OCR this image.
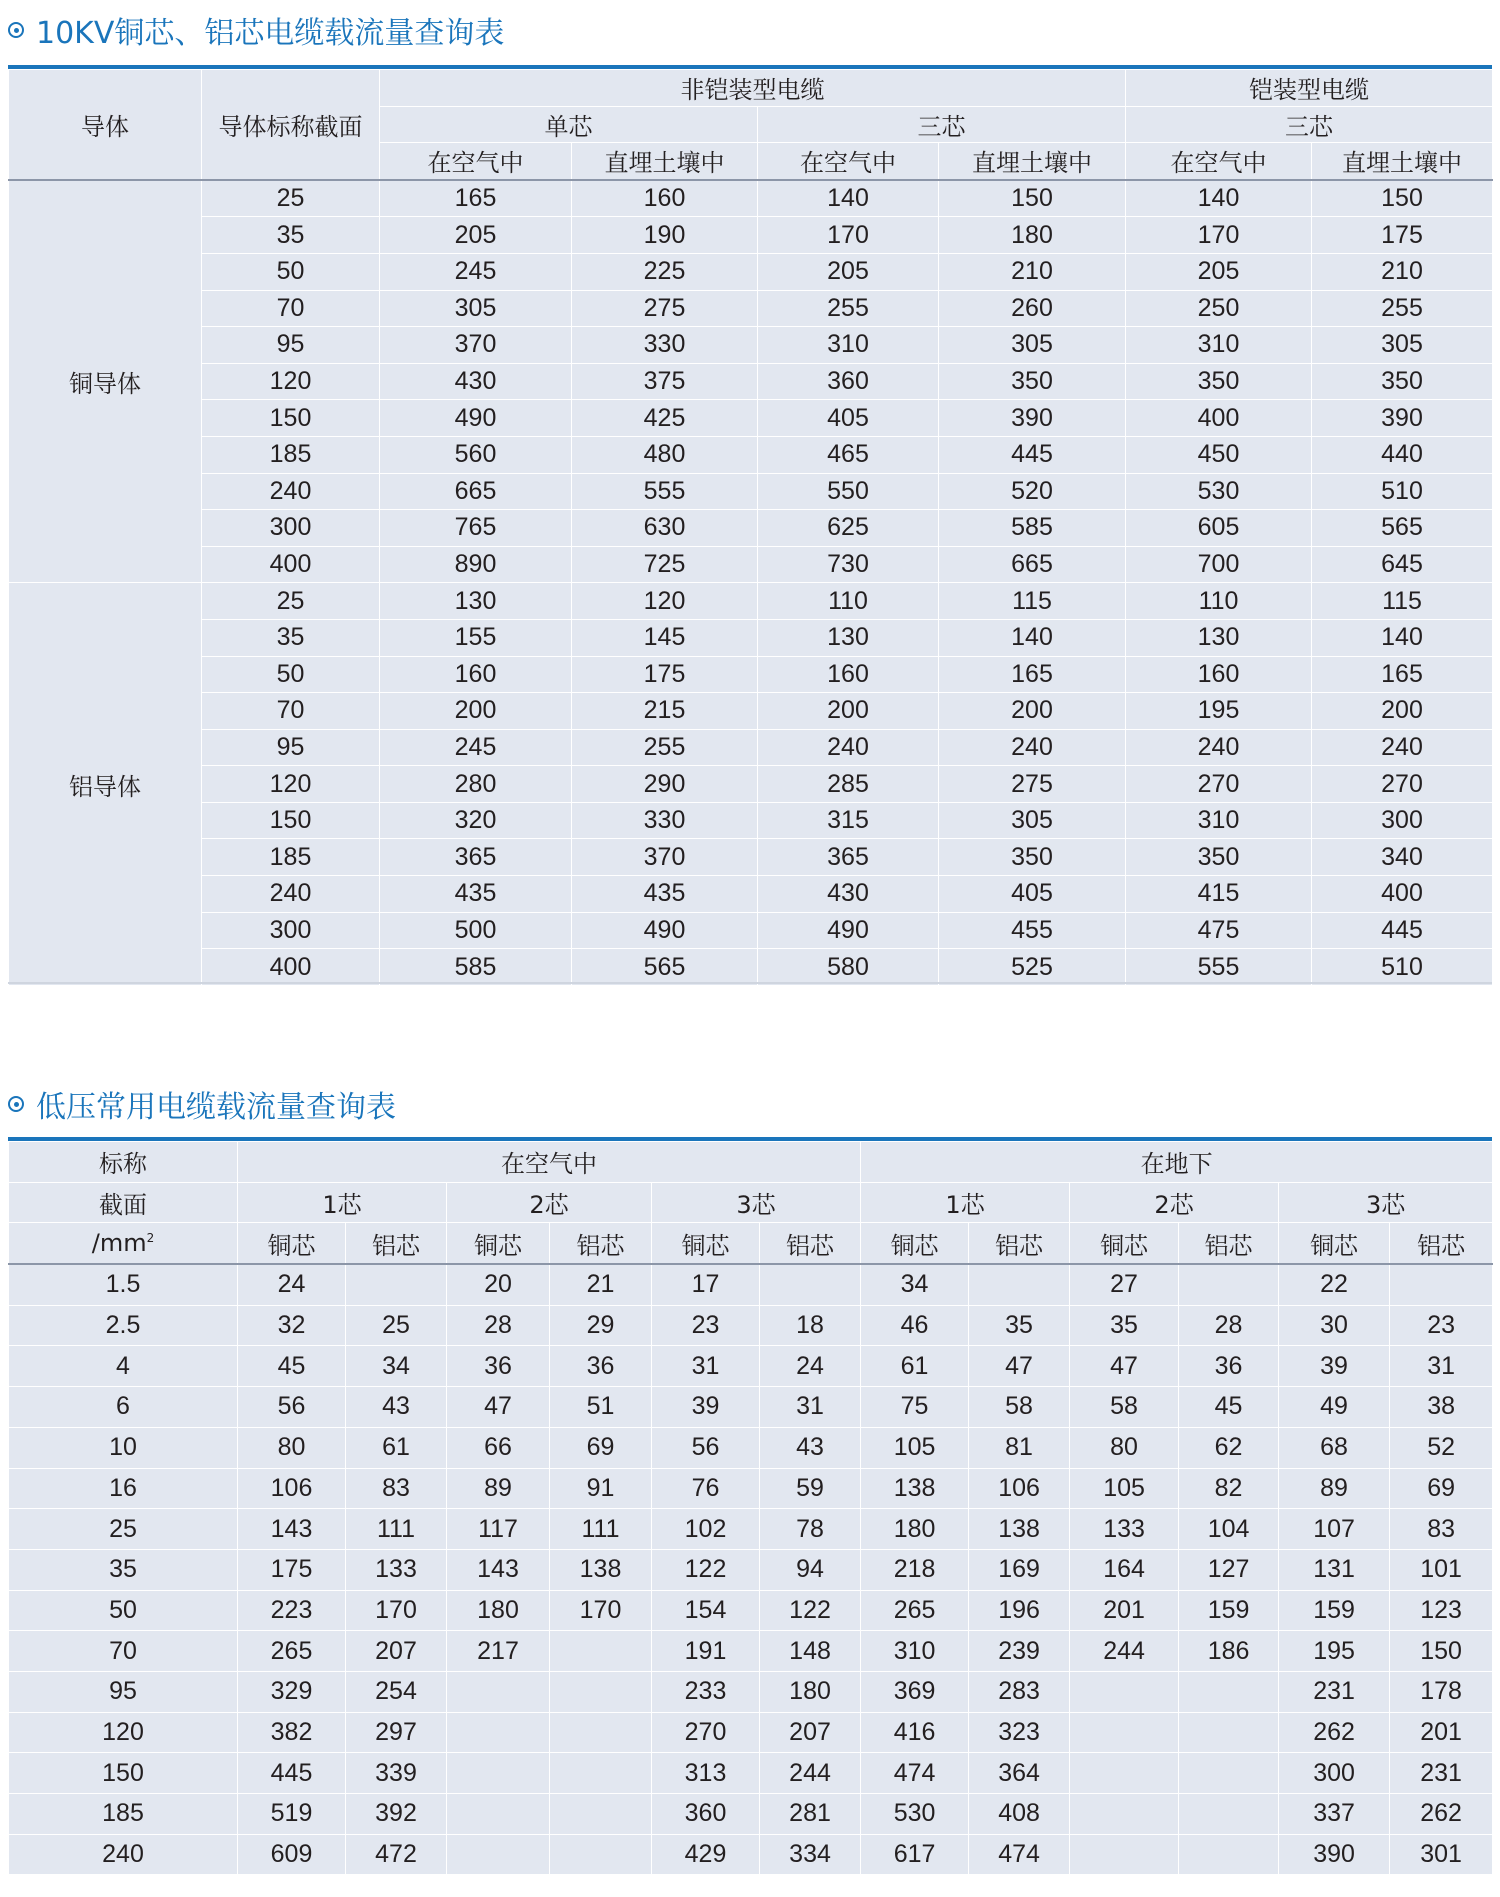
10KV铜芯、铝芯电缆载流量查询表
导体	导体标称截面	非铠装型电缆				铠装型电缆	
		单芯		三芯		三芯	
		在空气中	直埋土壤中	在空气中	直埋土壤中	在空气中	直埋土壤中
铜导体	25	165	160	140	150	140	150
	35	205	190	170	180	170	175
	50	245	225	205	210	205	210
	70	305	275	255	260	250	255
	95	370	330	310	305	310	305
	120	430	375	360	350	350	350
	150	490	425	405	390	400	390
	185	560	480	465	445	450	440
	240	665	555	550	520	530	510
	300	765	630	625	585	605	565
	400	890	725	730	665	700	645
铝导体	25	130	120	110	115	110	115
	35	155	145	130	140	130	140
	50	160	175	160	165	160	165
	70	200	215	200	200	195	200
	95	245	255	240	240	240	240
	120	280	290	285	275	270	270
	150	320	330	315	305	310	300
	185	365	370	365	350	350	340
	240	435	435	430	405	415	400
	300	500	490	490	455	475	445
	400	585	565	580	525	555	510
低压常用电缆载流量查询表
标称	在空气中						在地下					
截面	1芯		2芯		3芯		1芯		2芯		3芯	
$/mm^2$	铜芯	铝芯	铜芯	铝芯	铜芯	铝芯	铜芯	铝芯	铜芯	铝芯	铜芯	铝芯
1.5	24		20	21	17		34		27		22	
2.5	32	25	28	29	23	18	46	35	35	28	30	23
4	45	34	36	36	31	24	61	47	47	36	39	31
6	56	43	47	51	39	31	75	58	58	45	49	38
10	80	61	66	69	56	43	105	81	80	62	68	52
16	106	83	89	91	76	59	138	106	105	82	89	69
25	143	111	117	111	102	78	180	138	133	104	107	83
35	175	133	143	138	122	94	218	169	164	127	131	101
50	223	170	180	170	154	122	265	196	201	159	159	123
70	265	207	217		191	148	310	239	244	186	195	150
95	329	254			233	180	369	283			231	178
120	382	297			270	207	416	323			262	201
150	445	339			313	244	474	364			300	231
185	519	392			360	281	530	408			337	262
240	609	472			429	334	617	474			390	301
